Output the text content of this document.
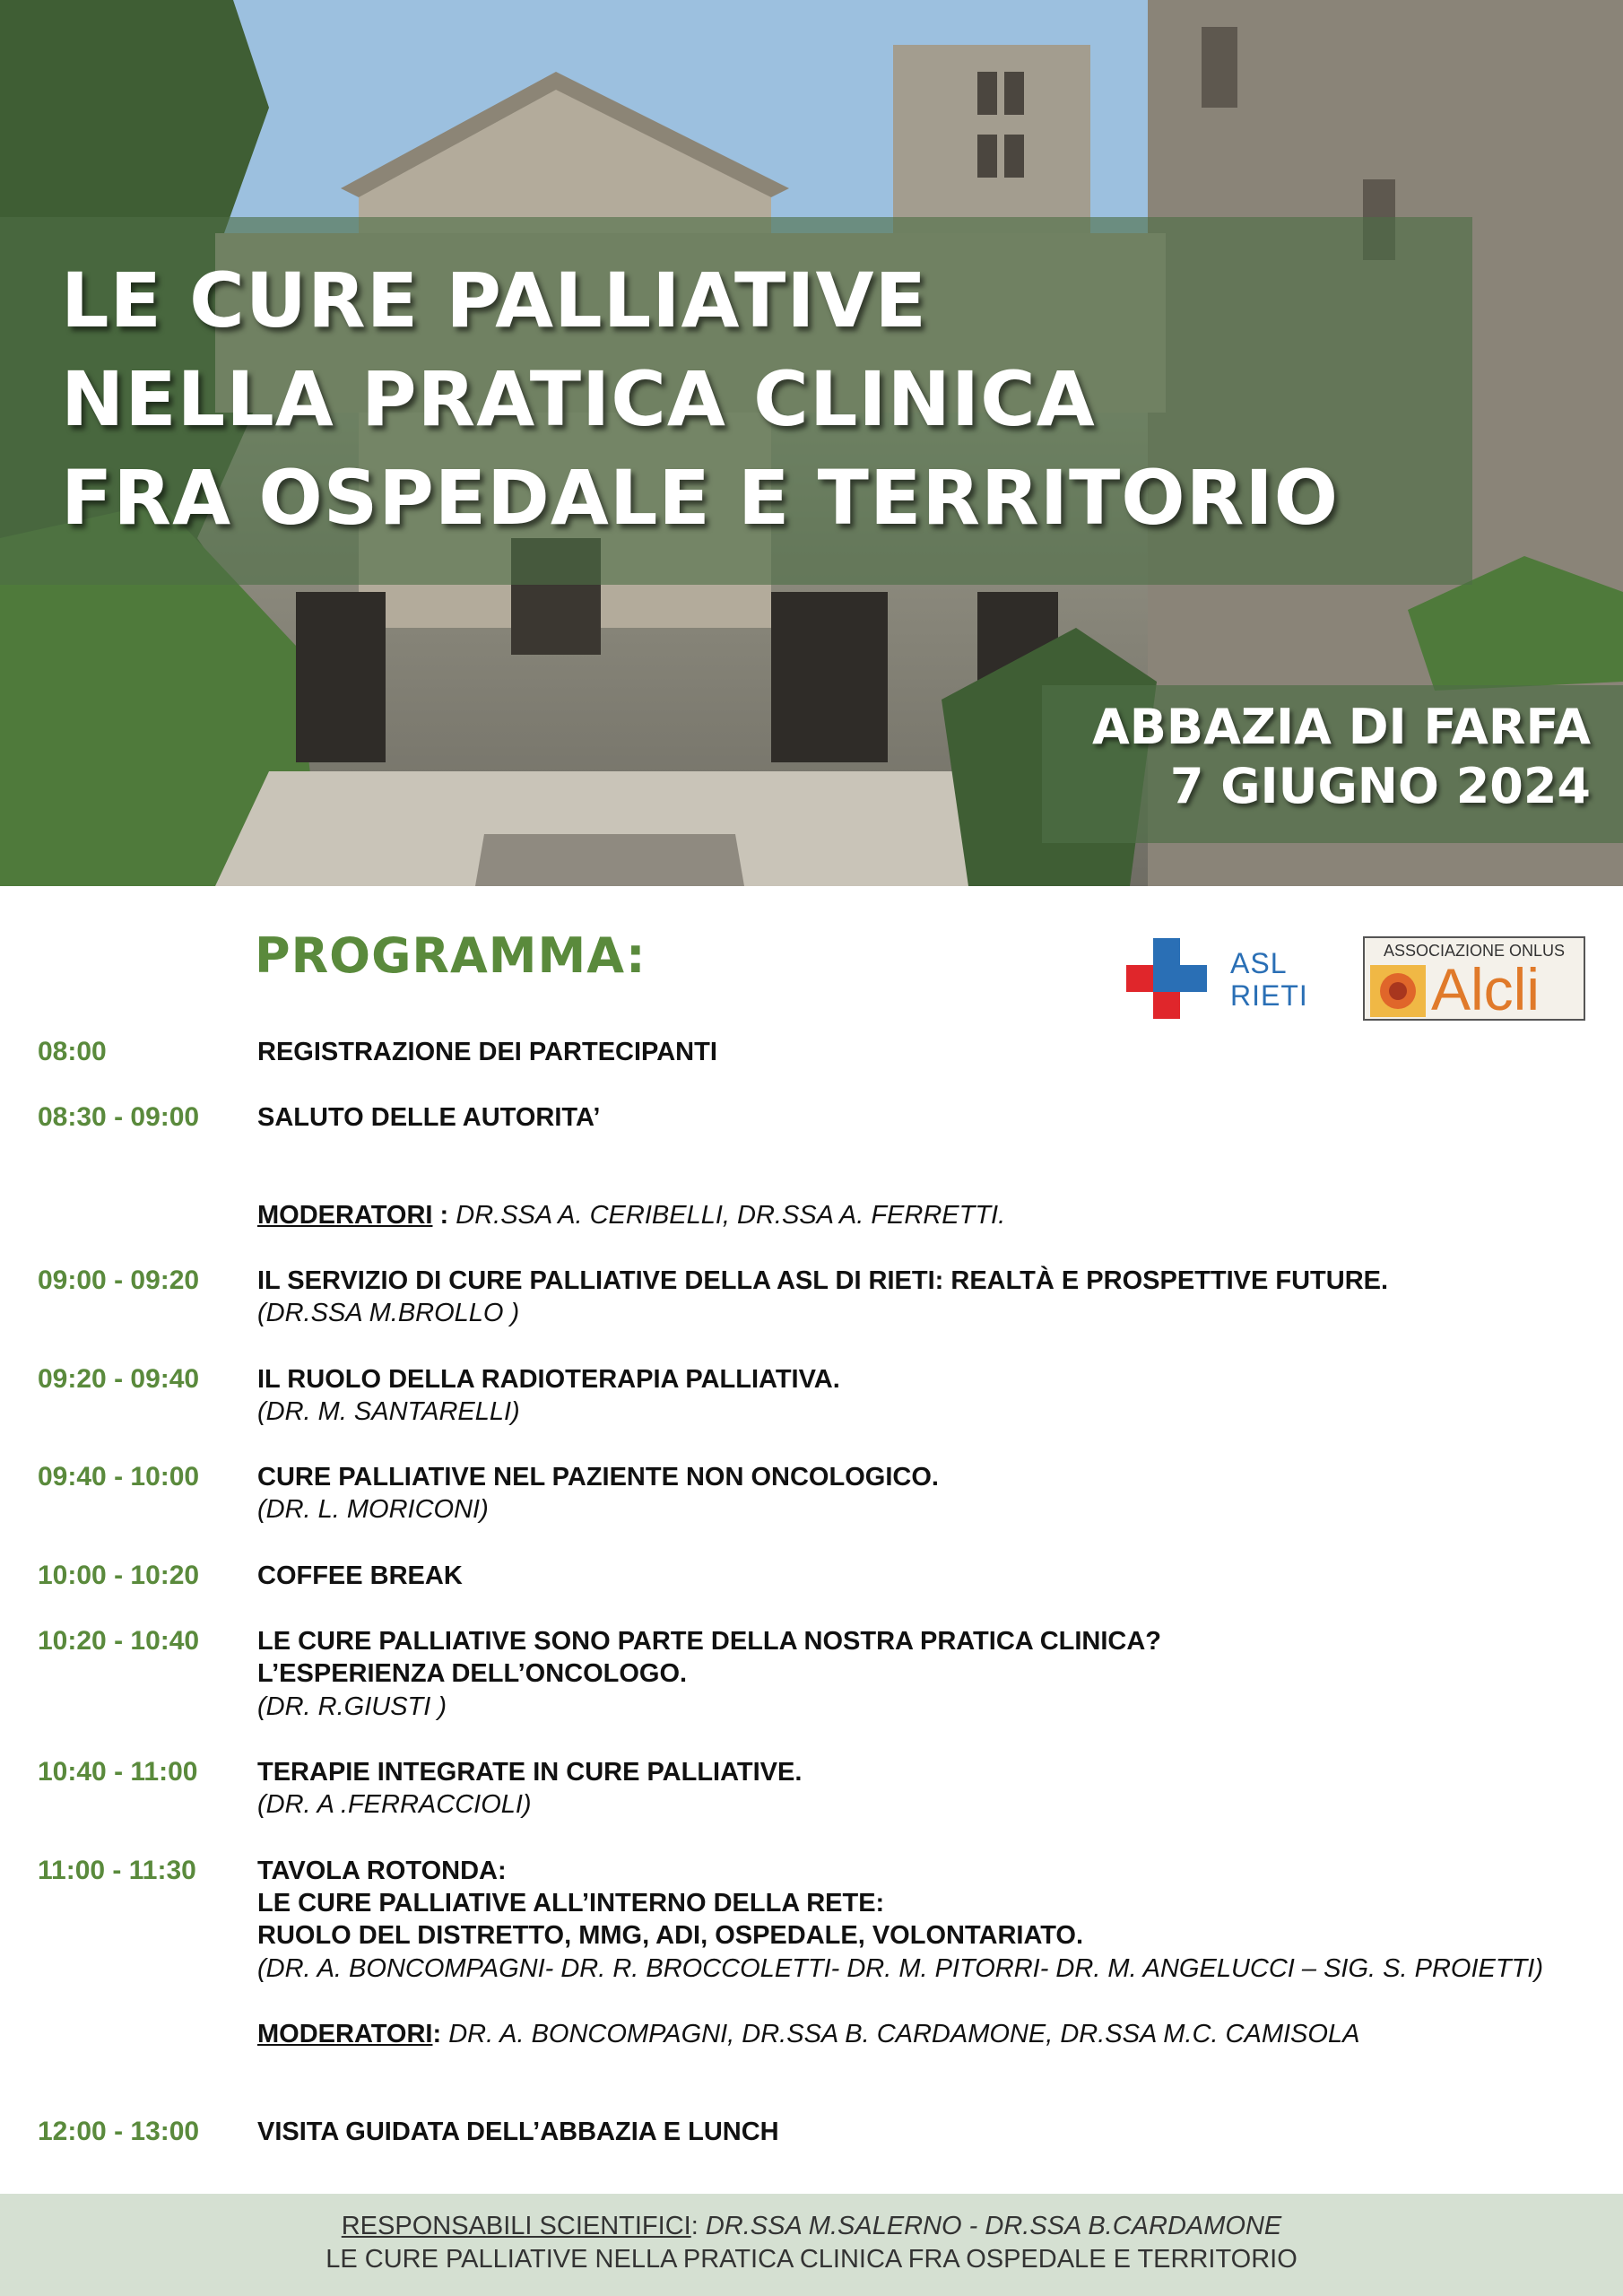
LE CURE PALLIATIVE
NELLA PRATICA CLINICA
FRA OSPEDALE E TERRITORIO
ABBAZIA DI FARFA
7 GIUGNO 2024
PROGRAMMA:	ASL
RIETI
ASSOCIAZIONE ONLUS
Alcli
08:00	REGISTRAZIONE DEI PARTECIPANTI
08:30 - 09:00 SALUTO DELLE AUTORITA’
MODERATORI : DR.SSA A. CERIBELLI, DR.SSA A. FERRETTI.
09:00 - 09:20 IL SERVIZIO DI CURE PALLIATIVE DELLA ASL DI RIETI: REALTÀ E PROSPETTIVE FUTURE.
(DR.SSA M.BROLLO )
09:20 - 09:40 IL RUOLO DELLA RADIOTERAPIA PALLIATIVA.
(DR. M. SANTARELLI)
09:40 - 10:00 CURE PALLIATIVE NEL PAZIENTE NON ONCOLOGICO.
(DR. L. MORICONI)
10:00 - 10:20 COFFEE BREAK
10:20 - 10:40 LE CURE PALLIATIVE SONO PARTE DELLA NOSTRA PRATICA CLINICA?
L’ESPERIENZA DELL’ONCOLOGO.
(DR. R.GIUSTI )
10:40 - 11:00 TERAPIE INTEGRATE IN CURE PALLIATIVE.
(DR. A .FERRACCIOLI)
11:00 - 11:30 TAVOLA ROTONDA:
LE CURE PALLIATIVE ALL’INTERNO DELLA RETE:
RUOLO DEL DISTRETTO, MMG, ADI, OSPEDALE, VOLONTARIATO.
(DR. A. BONCOMPAGNI- DR. R. BROCCOLETTI- DR. M. PITORRI- DR. M. ANGELUCCI – SIG. S. PROIETTI)
MODERATORI: DR. A. BONCOMPAGNI, DR.SSA B. CARDAMONE, DR.SSA M.C. CAMISOLA
12:00 - 13:00 VISITA GUIDATA DELL’ABBAZIA E LUNCH
RESPONSABILI SCIENTIFICI: DR.SSA M.SALERNO - DR.SSA B.CARDAMONE
LE CURE PALLIATIVE NELLA PRATICA CLINICA FRA OSPEDALE E TERRITORIO
